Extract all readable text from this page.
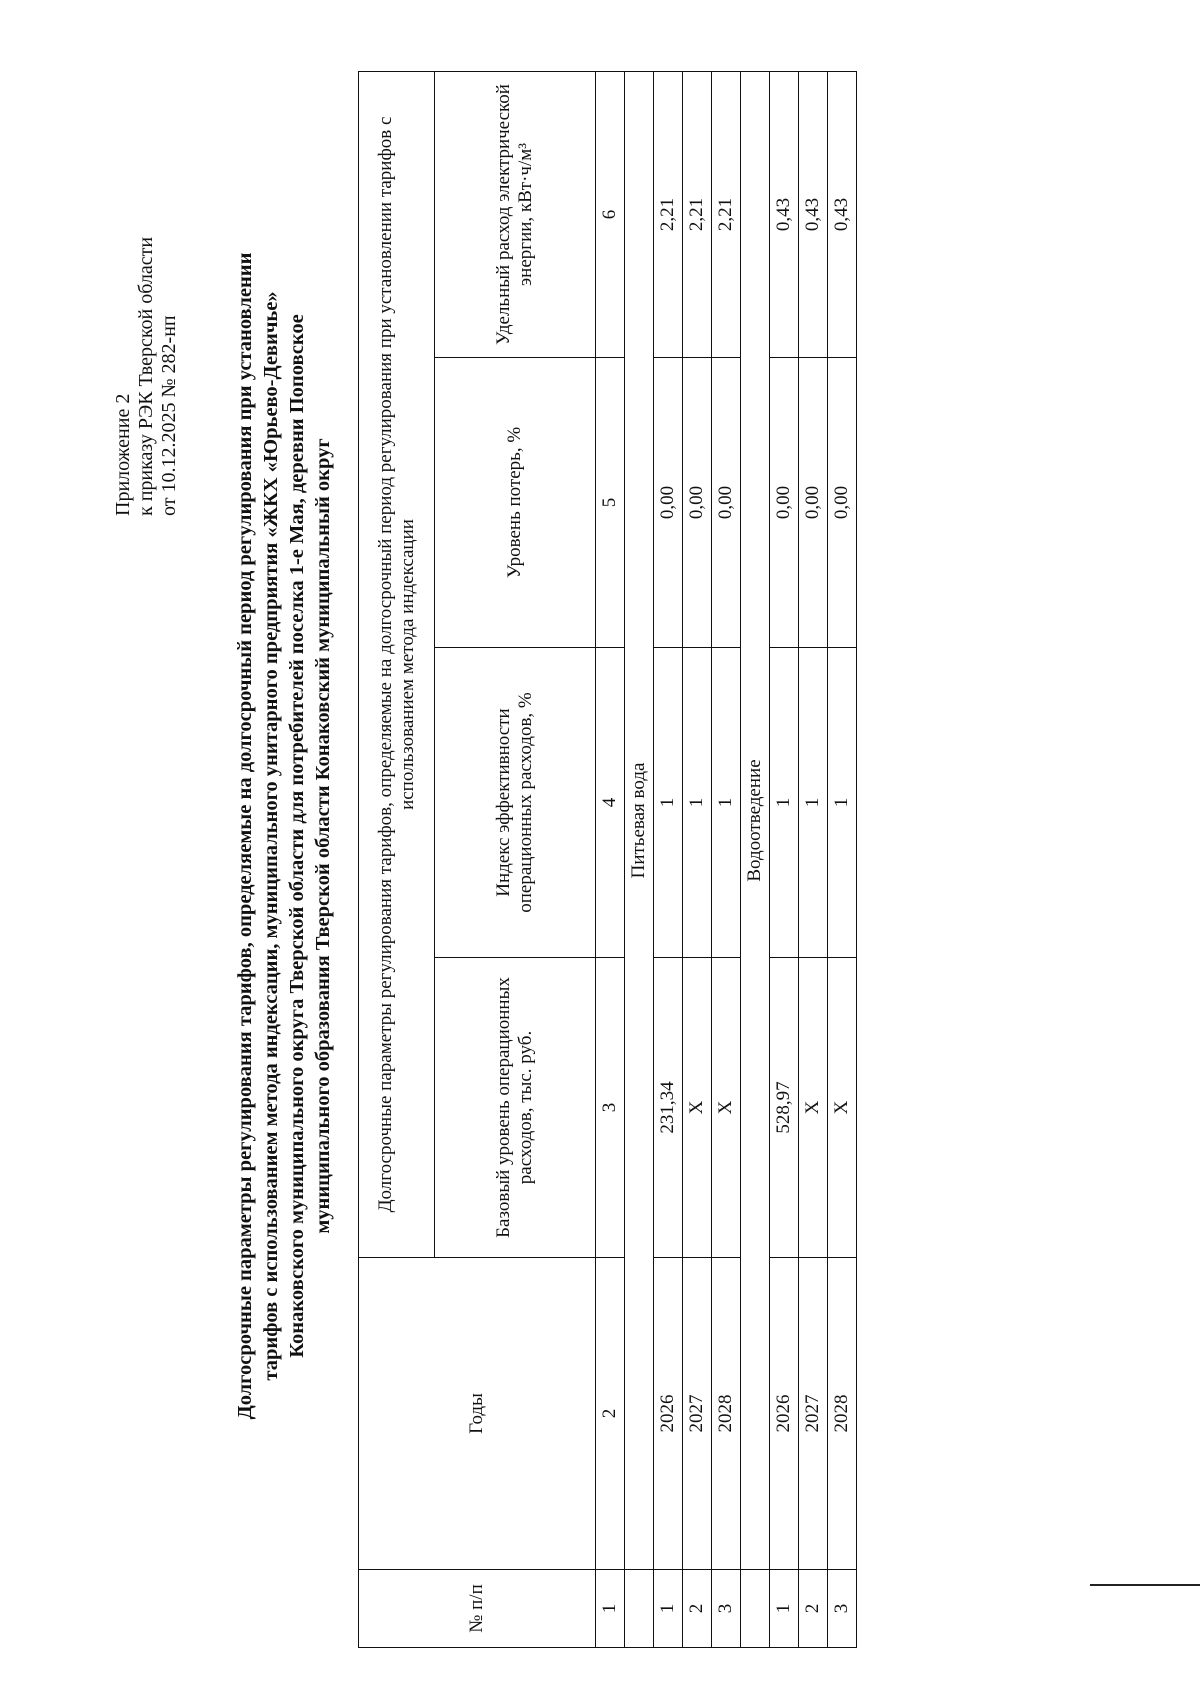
Приложение 2 к приказу РЭК Тверской области от 10.12.2025 № 282-нп	Долгосрочные параметры регулирования тарифов, определяемые на долгосрочный период регулирования при установлении тарифов с использованием метода индексации, муниципального унитарного предприятия «ЖКХ «Юрьево-Девичье» Конаковского муниципального округа Тверской области для потребителей поселка 1-е Мая, деревни Поповское муниципального образования Тверской области Конаковский муниципальный округ
№ п/п	Годы	Долгосрочные параметры регулирования тарифов, определяемые на долгосрочный период регулирования при установлении тарифов с использованием метода индексации			
		Базовый уровень операционных расходов, тыс. руб.	Индекс эффективности операционных расходов, %	Уровень потерь, %	Удельный расход электрической энергии, кВт·ч/м³
1	2	3	4	5	6
	Питьевая вода				
1	2026	231,34	1	0,00	2,21
2	2027	X	1	0,00	2,21
3	2028	X	1	0,00	2,21
	Водоотведение				
1	2026	528,97	1	0,00	0,43
2	2027	X	1	0,00	0,43
3	2028	X	1	0,00	0,43
